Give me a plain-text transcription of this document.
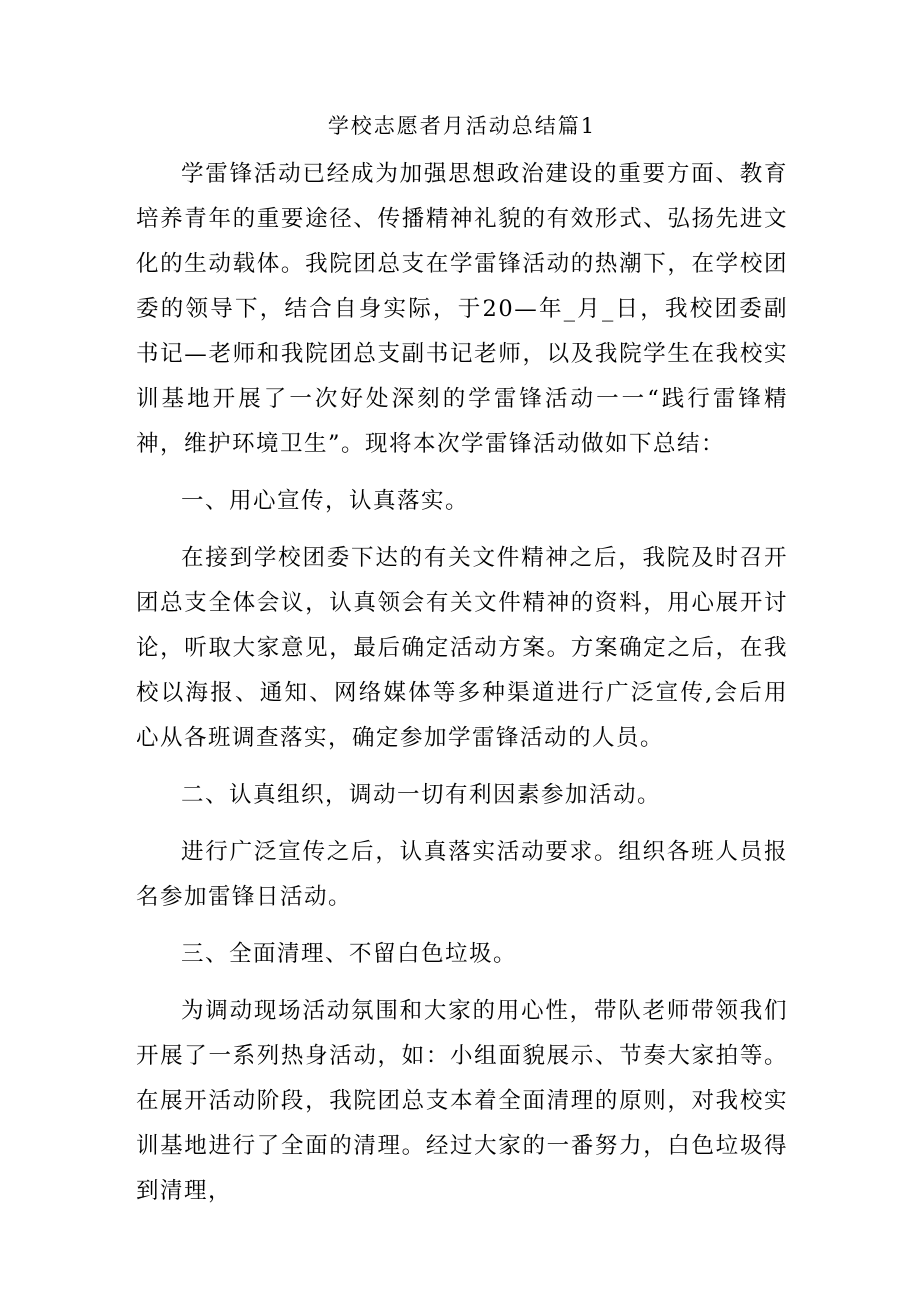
学校志愿者月活动总结篇1

学雷锋活动已经成为加强思想政治建设的重要方面、教育培养青年的重要途径、传播精神礼貌的有效形式、弘扬先进文化的生动载体。我院团总支在学雷锋活动的热潮下，在学校团委的领导下，结合自身实际，于20—年_月_日，我校团委副书记—老师和我院团总支副书记老师，以及我院学生在我校实训基地开展了一次好处深刻的学雷锋活动一一“践行雷锋精神，维护环境卫生”。现将本次学雷锋活动做如下总结：

一、用心宣传，认真落实。

在接到学校团委下达的有关文件精神之后，我院及时召开团总支全体会议，认真领会有关文件精神的资料，用心展开讨论，听取大家意见，最后确定活动方案。方案确定之后，在我校以海报、通知、网络媒体等多种渠道进行广泛宣传,会后用心从各班调查落实，确定参加学雷锋活动的人员。

二、认真组织，调动一切有利因素参加活动。

进行广泛宣传之后，认真落实活动要求。组织各班人员报名参加雷锋日活动。

三、全面清理、不留白色垃圾。

为调动现场活动氛围和大家的用心性，带队老师带领我们开展了一系列热身活动，如：小组面貌展示、节奏大家拍等。在展开活动阶段，我院团总支本着全面清理的原则，对我校实训基地进行了全面的清理。经过大家的一番努力，白色垃圾得到清理，
